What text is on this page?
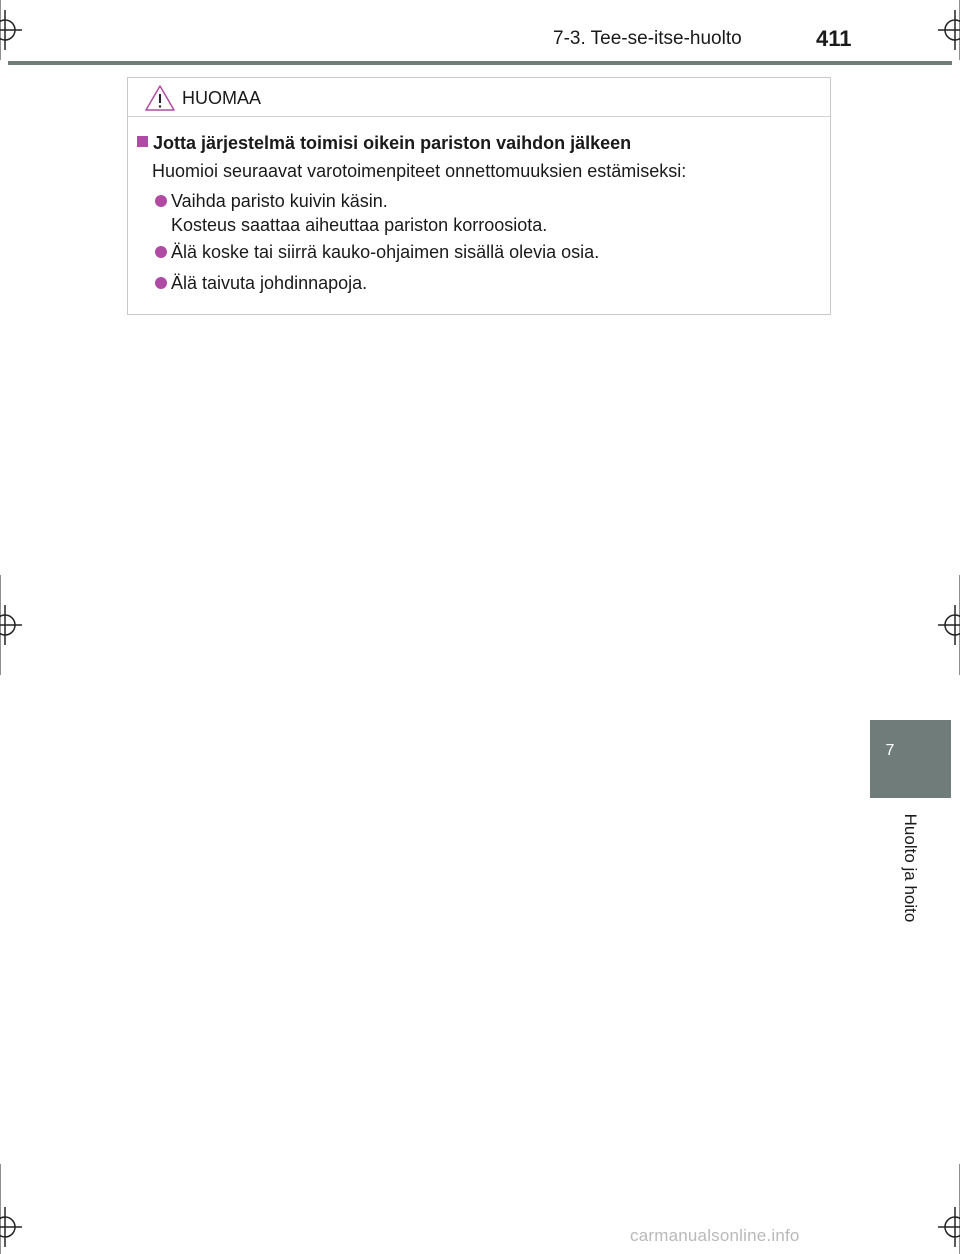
7-3. Tee-se-itse-huolto	411
HUOMAA
Jotta järjestelmä toimisi oikein pariston vaihdon jälkeen
Huomioi seuraavat varotoimenpiteet onnettomuuksien estämiseksi:
Vaihda paristo kuivin käsin.
Kosteus saattaa aiheuttaa pariston korroosiota.
Älä koske tai siirrä kauko-ohjaimen sisällä olevia osia.
Älä taivuta johdinnapoja.
7
Huolto ja hoito
carmanualsonline.info
